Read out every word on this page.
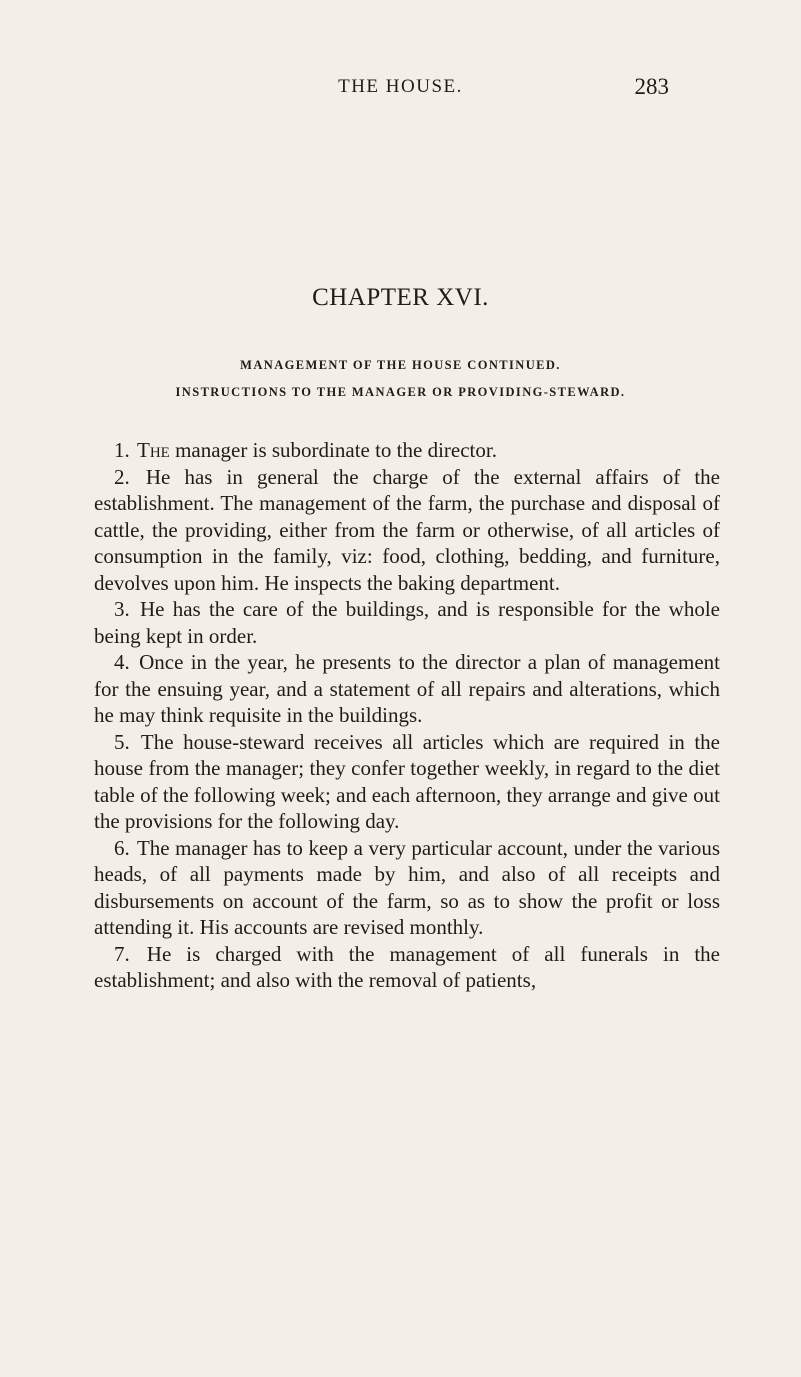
THE HOUSE.	283
CHAPTER XVI.
MANAGEMENT OF THE HOUSE CONTINUED.
INSTRUCTIONS TO THE MANAGER OR PROVIDING-STEWARD.

1. The manager is subordinate to the director.

2. He has in general the charge of the external affairs of the establishment. The management of the farm, the purchase and disposal of cattle, the providing, either from the farm or otherwise, of all articles of consumption in the family, viz: food, clothing, bedding, and furniture, devolves upon him. He inspects the baking department.

3. He has the care of the buildings, and is responsible for the whole being kept in order.

4. Once in the year, he presents to the director a plan of management for the ensuing year, and a statement of all repairs and alterations, which he may think requisite in the buildings.

5. The house-steward receives all articles which are required in the house from the manager; they confer together weekly, in regard to the diet table of the following week; and each afternoon, they arrange and give out the provisions for the following day.

6. The manager has to keep a very particular account, under the various heads, of all payments made by him, and also of all receipts and disbursements on account of the farm, so as to show the profit or loss attending it. His accounts are revised monthly.

7. He is charged with the management of all funerals in the establishment; and also with the removal of patients,
